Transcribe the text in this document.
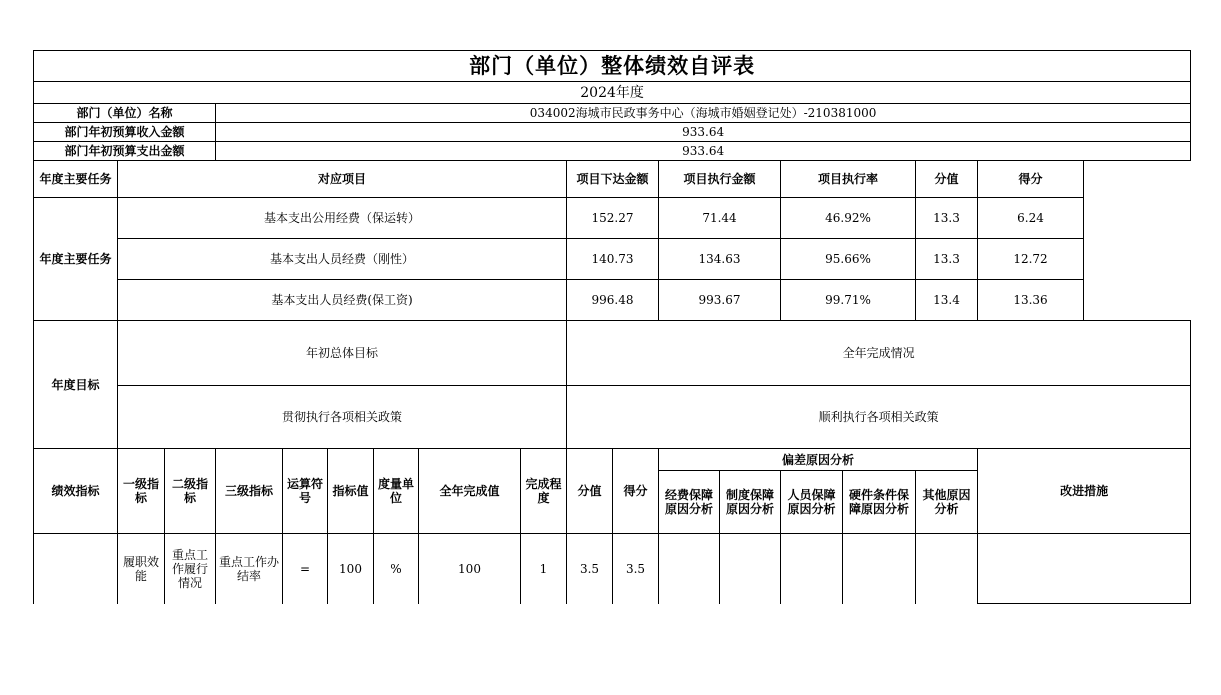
部门（单位）整体绩效自评表																
2024年度																
部门（单位）名称			034002海城市民政事务中心（海城市婚姻登记处）-210381000													
部门年初预算收入金额			933.64													
部门年初预算支出金额			933.64													
年度主要任务	对应项目								项目下达金额		项目执行金额		项目执行率		分值	得分
年度主要任务	基本支出公用经费（保运转）								152.27		71.44		46.92%		13.3	6.24
	基本支出人员经费（刚性）								140.73		134.63		95.66%		13.3	12.72
	基本支出人员经费(保工资)								996.48		993.67		99.71%		13.4	13.36
年度目标	年初总体目标								全年完成情况							
	贯彻执行各项相关政策								顺利执行各项相关政策							
绩效指标	一级指标	二级指标	三级指标	运算符号	指标值	度量单位	全年完成值	完成程度	分值	得分	偏差原因分析					改进措施
											经费保障原因分析	制度保障原因分析	人员保障原因分析	硬件条件保障原因分析	其他原因分析	
	履职效能	重点工作履行情况	重点工作办结率	=	100	%	100	1	3.5	3.5						
